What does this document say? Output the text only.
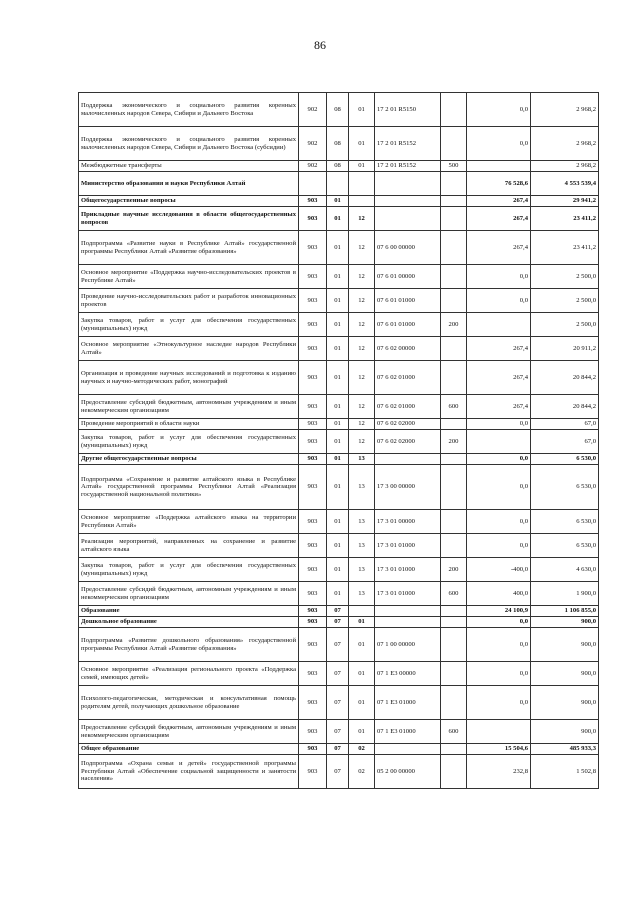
86
Поддержка экономического и социального развития коренных малочисленных народов Севера, Сибири и Дальнего Востока	902	08	01	17 2 01 R5150		0,0	2 968,2
Поддержка экономического и социального развития коренных малочисленных народов Севера, Сибири и Дальнего Востока (субсидии)	902	08	01	17 2 01 R5152		0,0	2 968,2
Межбюджетные трансферты	902	08	01	17 2 01 R5152	500		2 968,2
Министерство образования и науки Республики Алтай						76 528,6	4 553 539,4
Общегосударственные вопросы	903	01				267,4	29 941,2
Прикладные научные исследования в области общегосударственных вопросов	903	01	12			267,4	23 411,2
Подпрограмма «Развитие науки в Республике Алтай» государственной программы Республики Алтай «Развитие образования»	903	01	12	07 6 00 00000		267,4	23 411,2
Основное мероприятие «Поддержка научно-исследовательских проектов в Республике Алтай»	903	01	12	07 6 01 00000		0,0	2 500,0
Проведение научно-исследовательских работ и разработок инновационных проектов	903	01	12	07 6 01 01000		0,0	2 500,0
Закупка товаров, работ и услуг для обеспечения государственных (муниципальных) нужд	903	01	12	07 6 01 01000	200		2 500,0
Основное мероприятие «Этнокультурное наследие народов Республики Алтай»	903	01	12	07 6 02 00000		267,4	20 911,2
Организация и проведение научных исследований и подготовка к изданию научных и научно-методических работ, монографий	903	01	12	07 6 02 01000		267,4	20 844,2
Предоставление субсидий бюджетным, автономным учреждениям и иным некоммерческим организациям	903	01	12	07 6 02 01000	600	267,4	20 844,2
Проведение мероприятий в области науки	903	01	12	07 6 02 02000		0,0	67,0
Закупка товаров, работ и услуг для обеспечения государственных (муниципальных) нужд	903	01	12	07 6 02 02000	200		67,0
Другие общегосударственные вопросы	903	01	13			0,0	6 530,0
Подпрограмма «Сохранение и развитие алтайского языка в Республике Алтай» государственной программы Республики Алтай «Реализация государственной национальной политики»	903	01	13	17 3 00 00000		0,0	6 530,0
Основное мероприятие «Поддержка алтайского языка на территории Республики Алтай»	903	01	13	17 3 01 00000		0,0	6 530,0
Реализация мероприятий, направленных на сохранение и развитие алтайского языка	903	01	13	17 3 01 01000		0,0	6 530,0
Закупка товаров, работ и услуг для обеспечения государственных (муниципальных) нужд	903	01	13	17 3 01 01000	200	-400,0	4 630,0
Предоставление субсидий бюджетным, автономным учреждениям и иным некоммерческим организациям	903	01	13	17 3 01 01000	600	400,0	1 900,0
Образование	903	07				24 100,9	1 106 855,0
Дошкольное образование	903	07	01			0,0	900,0
Подпрограмма «Развитие дошкольного образования» государственной программы Республики Алтай «Развитие образования»	903	07	01	07 1 00 00000		0,0	900,0
Основное мероприятие «Реализация регионального проекта «Поддержка семей, имеющих детей»	903	07	01	07 1 E3 00000		0,0	900,0
Психолого-педагогическая, методическая и консультативная помощь родителям детей, получающих дошкольное образование	903	07	01	07 1 E3 01000		0,0	900,0
Предоставление субсидий бюджетным, автономным учреждениям и иным некоммерческим организациям	903	07	01	07 1 E3 01000	600		900,0
Общее образование	903	07	02			15 504,6	485 933,3
Подпрограмма «Охрана семьи и детей» государственной программы Республики Алтай «Обеспечение социальной защищенности и занятости населения»	903	07	02	05 2 00 00000		232,8	1 502,8
